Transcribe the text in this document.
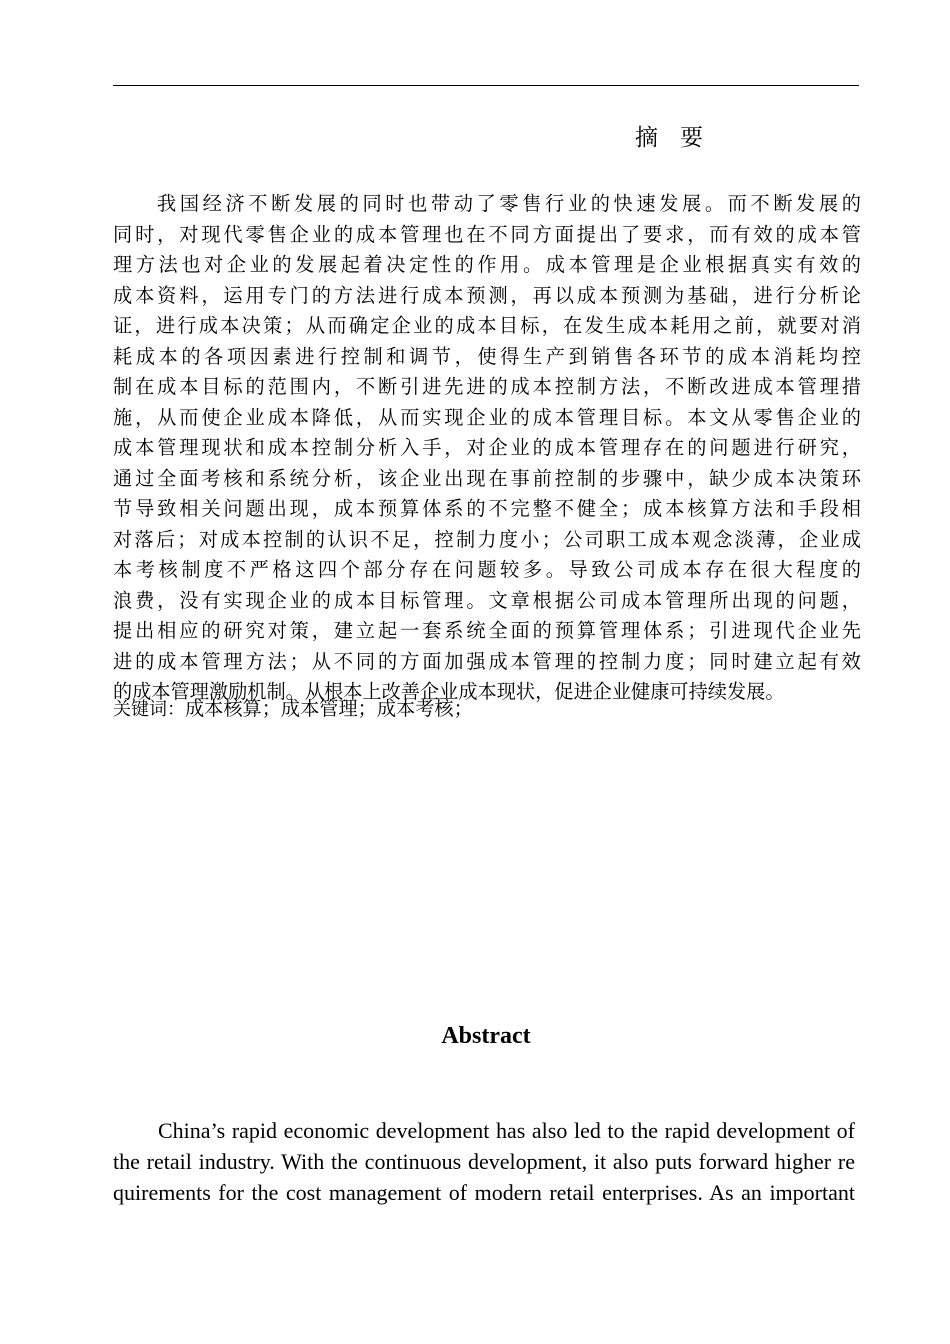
摘要
我国经济不断发展的同时也带动了零售行业的快速发展。而不断发展的
同时，对现代零售企业的成本管理也在不同方面提出了要求，而有效的成本管
理方法也对企业的发展起着决定性的作用。成本管理是企业根据真实有效的
成本资料，运用专门的方法进行成本预测，再以成本预测为基础，进行分析论
证，进行成本决策；从而确定企业的成本目标，在发生成本耗用之前，就要对消
耗成本的各项因素进行控制和调节，使得生产到销售各环节的成本消耗均控
制在成本目标的范围内，不断引进先进的成本控制方法，不断改进成本管理措
施，从而使企业成本降低，从而实现企业的成本管理目标。本文从零售企业的
成本管理现状和成本控制分析入手，对企业的成本管理存在的问题进行研究，
通过全面考核和系统分析，该企业出现在事前控制的步骤中，缺少成本决策环
节导致相关问题出现，成本预算体系的不完整不健全；成本核算方法和手段相
对落后；对成本控制的认识不足，控制力度小；公司职工成本观念淡薄，企业成
本考核制度不严格这四个部分存在问题较多。导致公司成本存在很大程度的
浪费，没有实现企业的成本目标管理。文章根据公司成本管理所出现的问题，
提出相应的研究对策，建立起一套系统全面的预算管理体系；引进现代企业先
进的成本管理方法；从不同的方面加强成本管理的控制力度；同时建立起有效
的成本管理激励机制。从根本上改善企业成本现状，促进企业健康可持续发展。
关键词：成本核算；成本管理；成本考核；
Abstract
China’s rapid economic development has also led to the rapid development of
the retail industry. With the continuous development, it also puts forward higher re
quirements for the cost management of modern retail enterprises. As an important
